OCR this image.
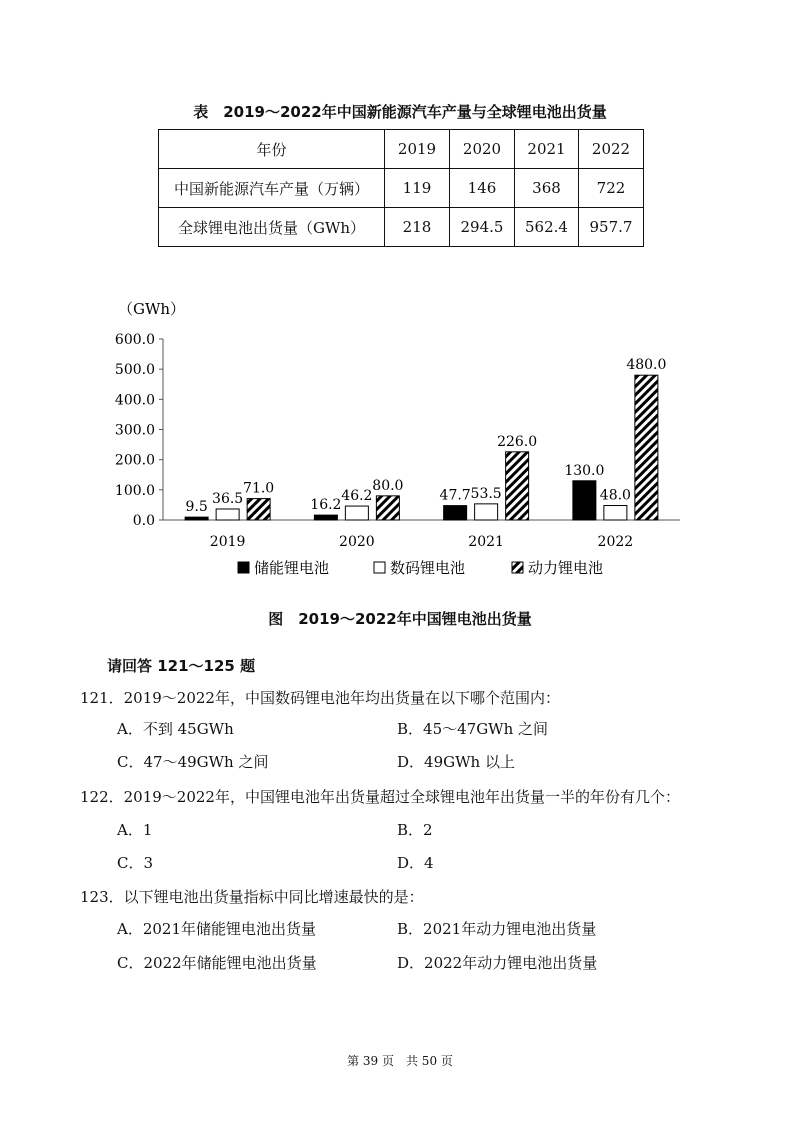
表　2019～2022年中国新能源汽车产量与全球锂电池出货量
年份	2019	2020	2021	2022
中国新能源汽车产量（万辆）	119	146	368	722
全球锂电池出货量（GWh）	218	294.5	562.4	957.7
（GWh）
0.0
100.0
200.0
300.0
400.0
500.0
600.0
2019
9.5
36.5
71.0
2020
16.2
46.2
80.0
2021
47.7 53.5
226.0
2022
130.0
48.0
480.0
储能锂电池	数码锂电池	动力锂电池
图　2019～2022年中国锂电池出货量
请回答 121～125 题
121．2019～2022年，中国数码锂电池年均出货量在以下哪个范围内：
A．不到 45GWh	B．45～47GWh 之间
C．47～49GWh 之间	D．49GWh 以上
122．2019～2022年，中国锂电池年出货量超过全球锂电池年出货量一半的年份有几个：
A．1	B．2
C．3	D．4
123．以下锂电池出货量指标中同比增速最快的是：
A．2021年储能锂电池出货量	B．2021年动力锂电池出货量
C．2022年储能锂电池出货量	D．2022年动力锂电池出货量
第 39 页　共 50 页
